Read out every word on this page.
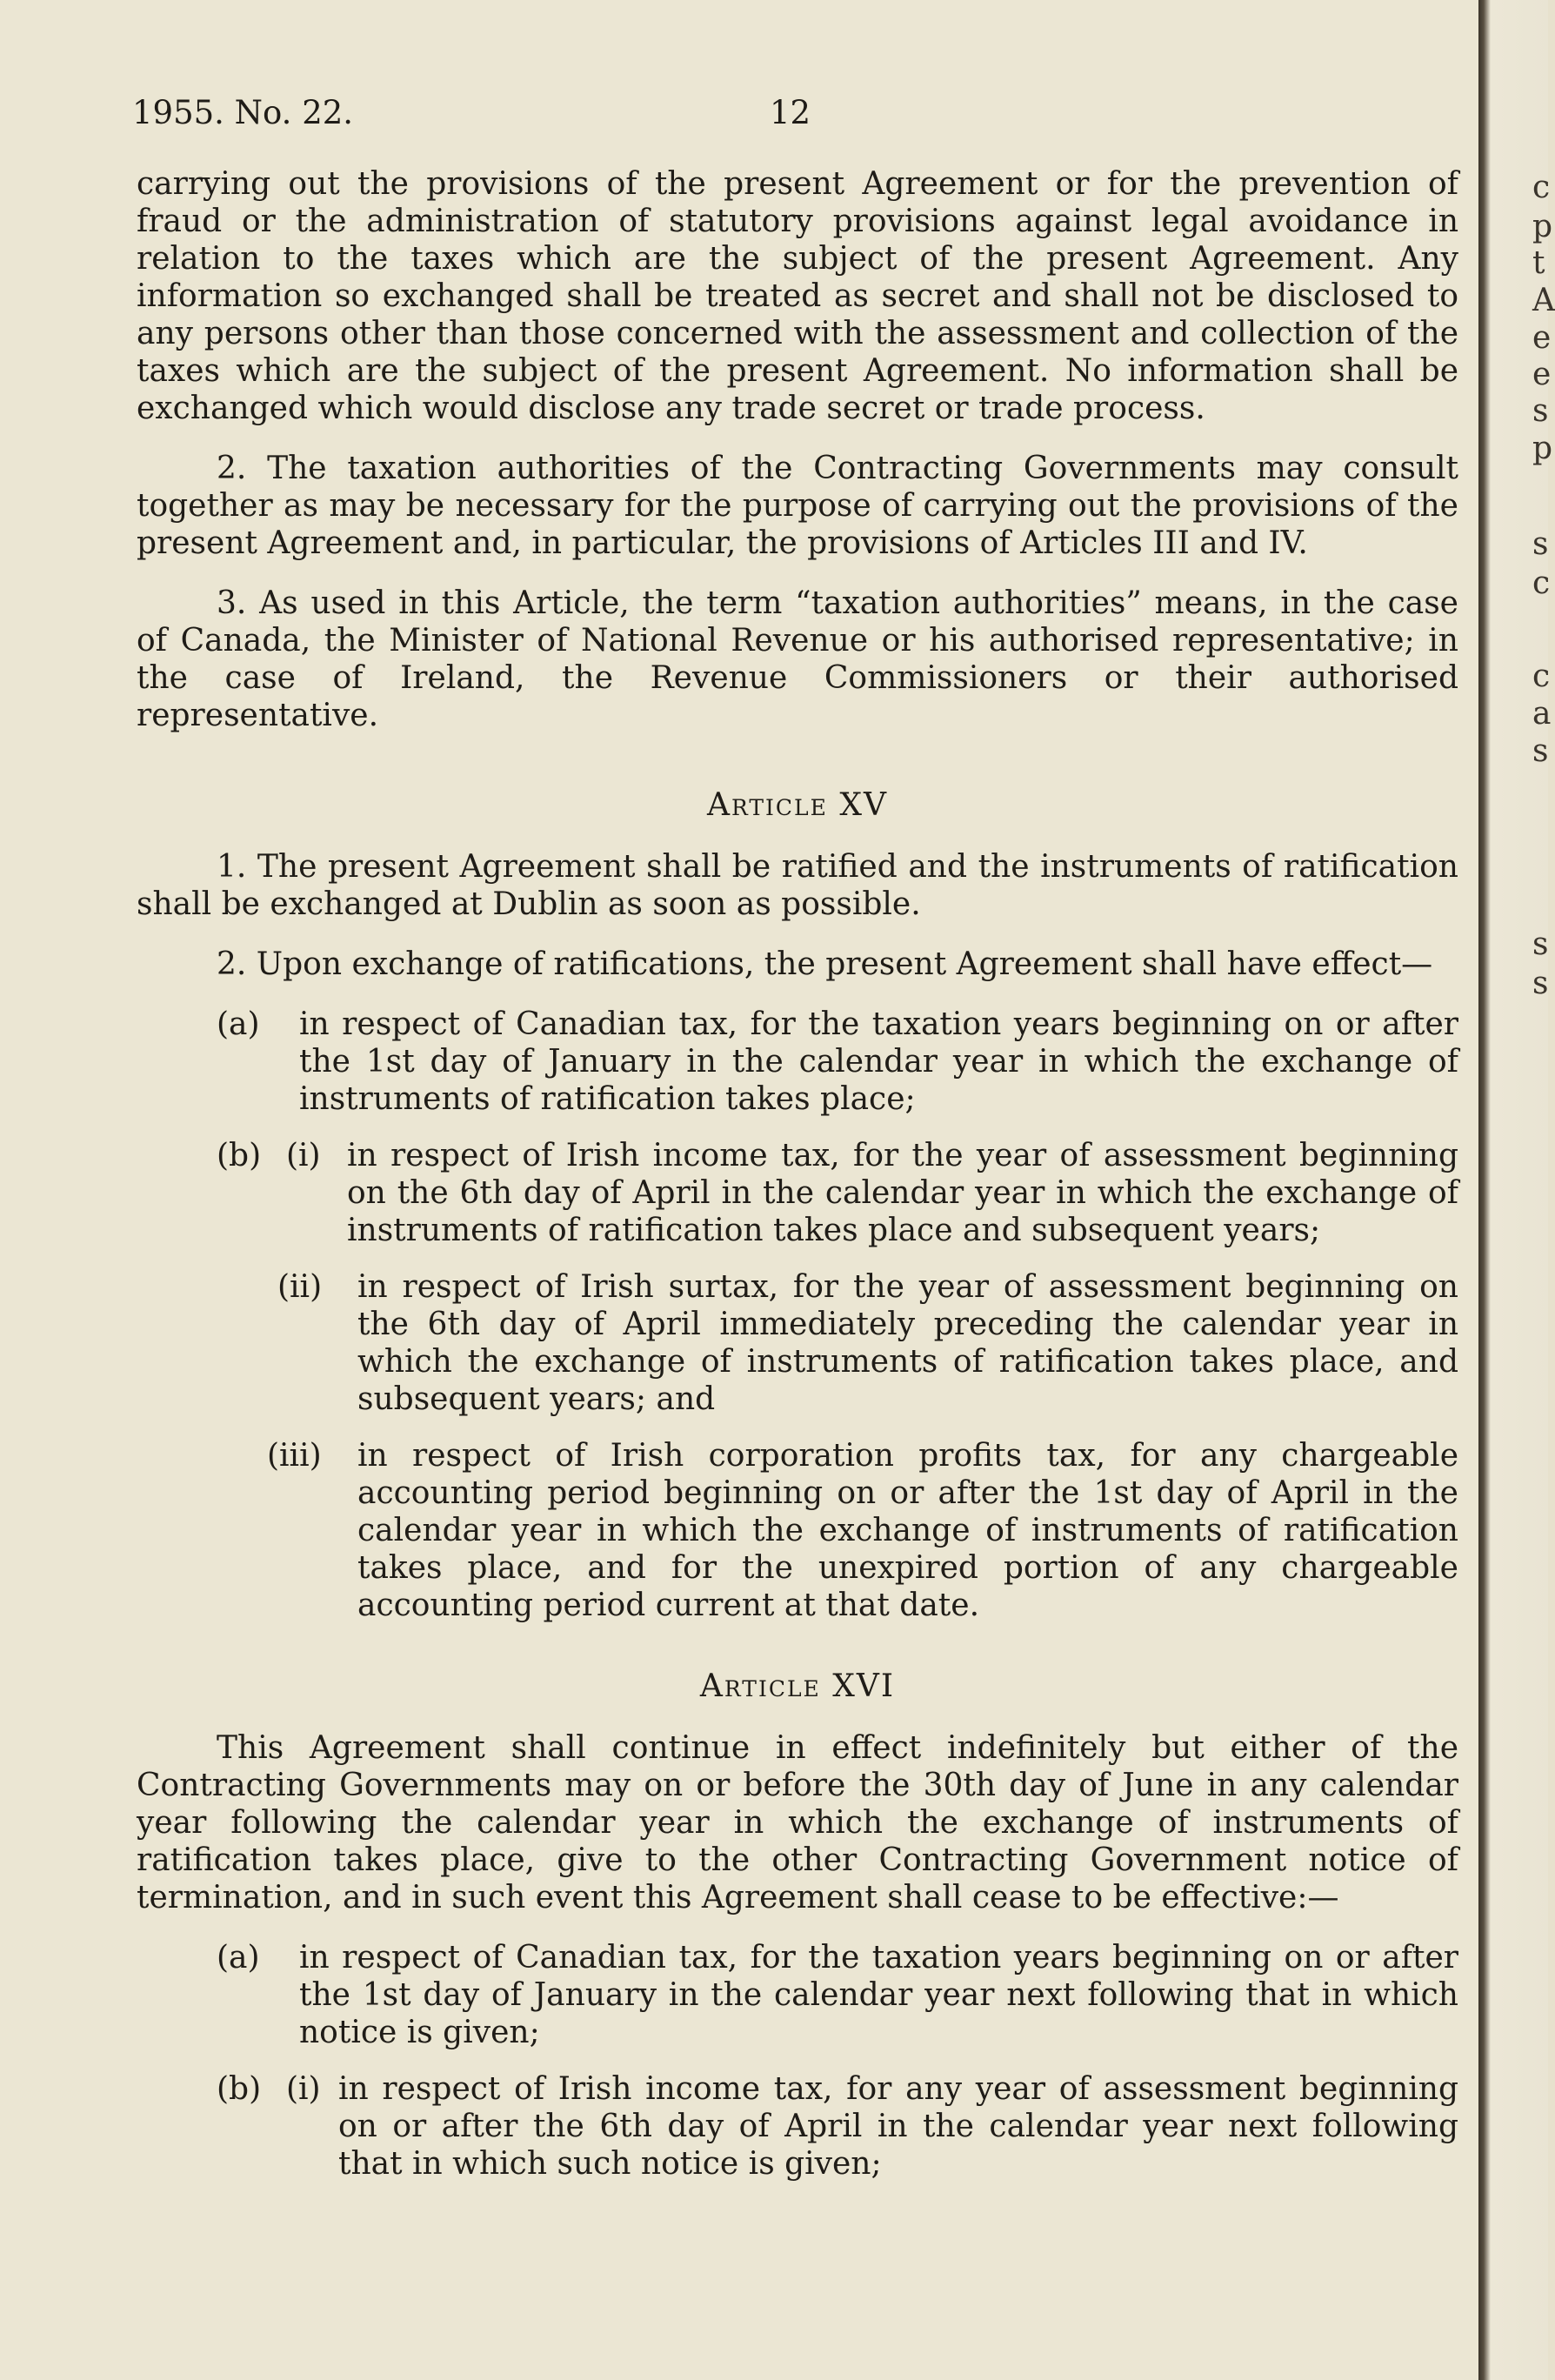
1955. No. 22.	12

carrying out the provisions of the present Agreement or for the prevention of fraud or the administration of statutory provisions against legal avoidance in relation to the taxes which are the subject of the present Agreement. Any information so exchanged shall be treated as secret and shall not be disclosed to any persons other than those concerned with the assessment and collection of the taxes which are the subject of the present Agreement. No information shall be exchanged which would disclose any trade secret or trade process.

2. The taxation authorities of the Contracting Governments may consult together as may be necessary for the purpose of carrying out the provisions of the present Agreement and, in particular, the provisions of Articles III and IV.

3. As used in this Article, the term “taxation authorities” means, in the case of Canada, the Minister of National Revenue or his authorised representative; in the case of Ireland, the Revenue Commissioners or their authorised representative.

Article XV

1. The present Agreement shall be ratified and the instruments of ratification shall be exchanged at Dublin as soon as possible.

2. Upon exchange of ratifications, the present Agreement shall have effect—

(a)	in respect of Canadian tax, for the taxation years beginning on or after the 1st day of January in the calendar year in which the exchange of instruments of ratification takes place;
(b) (i) in respect of Irish income tax, for the year of assessment beginning on the 6th day of April in the calendar year in which the exchange of instruments of ratification takes place and subsequent years;
(ii)	in respect of Irish surtax, for the year of assessment beginning on the 6th day of April immediately preceding the calendar year in which the exchange of instruments of ratification takes place, and subsequent years; and
(iii)	in respect of Irish corporation profits tax, for any chargeable accounting period beginning on or after the 1st day of April in the calendar year in which the exchange of instruments of ratification takes place, and for the unexpired portion of any chargeable accounting period current at that date.
Article XVI

This Agreement shall continue in effect indefinitely but either of the Contracting Governments may on or before the 30th day of June in any calendar year following the calendar year in which the exchange of instruments of ratification takes place, give to the other Contracting Government notice of termination, and in such event this Agreement shall cease to be effective:—

(a)	in respect of Canadian tax, for the taxation years beginning on or after the 1st day of January in the calendar year next following that in which notice is given;
(b) (i) in respect of Irish income tax, for any year of assessment beginning on or after the 6th day of April in the calendar year next following that in which such notice is given;
c
p
t
A
e
e
s
p
s
c
c
a
s
s
s
